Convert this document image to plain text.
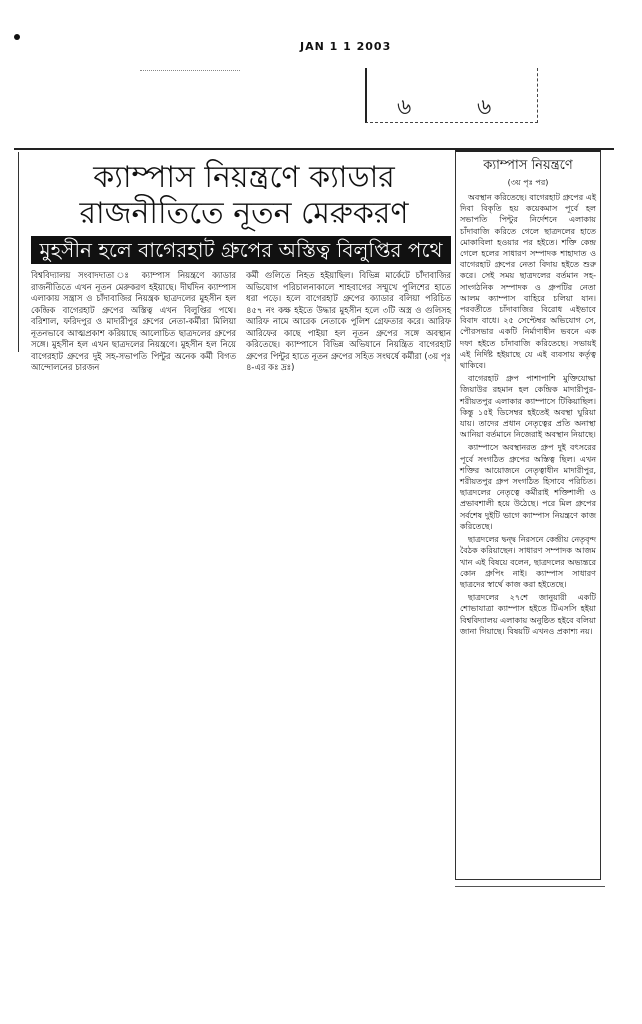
JAN 1 1 2003
৬	৬
ক্যাম্পাস নিয়ন্ত্রণে ক্যাডার রাজনীতিতে নূতন মেরুকরণ
মুহসীন হলে বাগেরহাট গ্রুপের অস্তিত্ব বিলুপ্তির পথে
বিশ্ববিদ্যালয় সংবাদদাতা ঃ ক্যাম্পাস নিয়ন্ত্রণে ক্যাডার রাজনীতিতে এখন নূতন মেরুকরণ হইয়াছে। দীর্ঘদিন ক্যাম্পাস এলাকায় সন্ত্রাস ও চাঁদাবাজির নিয়ন্ত্রক ছাত্রদলের মুহসীন হল কেন্দ্রিক বাগেরহাট গ্রুপের অস্তিত্ব এখন বিলুপ্তির পথে। বরিশাল, ফরিদপুর ও মাদারীপুর গ্রুপের নেতা-কর্মীরা মিলিয়া নূতনভাবে আত্মপ্রকাশ করিয়াছে আলোচিত ছাত্রদলের গ্রুপের সঙ্গে। মুহসীন হল এখন ছাত্রদলের নিয়ন্ত্রণে। মুহসীন হল নিয়ে বাগেরহাট গ্রুপের দুই সহ-সভাপতি পিন্টুর অনেক কর্মী বিগত আন্দোলনের চারজন
কর্মী গুলিতে নিহত হইয়াছিল। বিভিন্ন মার্কেটে চাঁদাবাজির অভিযোগ পরিচালনাকালে শাহবাগের সম্মুখে পুলিশের হাতে ধরা পড়ে। হলে বাগেরহাট গ্রুপের ক্যাডার বলিয়া পরিচিত ৪৫৭ নং কক্ষ হইতে উদ্ধার মুহসীন হলে ৩টি অস্ত্র ও গুলিসহ আরিফ নামে আরেক নেতাকে পুলিশ গ্রেফতার করে। আরিফ আরিফের কাছে পাইয়া হল নূতন গ্রুপের সঙ্গে অবস্থান করিতেছে। ক্যাম্পাসে বিভিন্ন অভিযানে নিয়ন্ত্রিত বাগেরহাট গ্রুপের পিন্টুর হাতে নূতন গ্রুপের সহিত সংঘর্ষে কর্মীরা (৩য় পৃঃ ৪-এর কঃ দ্রঃ)
ক্যাম্পাস নিয়ন্ত্রণে
(৩য় পৃঃ পর)

অবস্থান করিতেছে। বাগেরহাট গ্রুপের এই দিবা বিকৃতি হয় কয়েকমাস পূর্বে হল সভাপতি পিন্টুর নির্দেশনে এলাকায় চাঁদাবাজি করিতে গেলে ছাত্রদলের হাতে মোকাবিলা হওয়ার পর হইতে। শক্তি কেন্দ্র গেলে হলের সাধারণ সম্পাদক শাহাদাত ও বাগেরহাট গ্রুপের নেতা বিদায় হইতে শুরু করে। সেই সময় ছাত্রদলের বর্তমান সহ-সাংগঠনিক সম্পাদক ও গ্রুপটির নেতা আলম ক্যাম্পাস বাহিরে চলিয়া যান। পরবর্তীতে চাঁদাবাজির বিরোধ এইভাবে বিবাদ বাধে। ২৫ সেপ্টেম্বর অভিযোগ সে, পৌরসভার একটি নির্মাণাধীন ভবনে এক দফা হইতে চাঁদাবাজি করিতেছে। সভায়ই এই নির্দিষ্ট হইয়াছে যে এই ব্যবসায় কর্তৃত্ব থাকিবে।

বাগেরহাট গ্রুপ পাশাপাশি মুক্তিযোদ্ধা জিয়াউর রহমান হল কেন্দ্রিক মাদারীপুর-শরীয়তপুর এলাকার ক্যাম্পাসে টিকিয়াছিল। কিন্তু ১৫ই ডিসেম্বর হইতেই অবস্থা ঘুরিয়া যায়। তাদের প্রধান নেতৃত্বের প্রতি অনাস্থা আনিয়া বর্তমানে নিজেরাই অবস্থান নিয়াছে।

ক্যাম্পাসে অবস্থানরত গ্রুপ দুই বৎসরের পূর্বে সংগঠিত গ্রুপের অস্তিত্ব ছিল। এখন শক্তির আয়োজনে নেতৃত্বাধীন মাদারীপুর, শরীয়তপুর গ্রুপ সংগঠিত হিসাবে পরিচিত। ছাত্রদলের নেতৃত্বে কর্মীরাই শক্তিশালী ও প্রভাবশালী হয়ে উঠেছে। পরে মিল গ্রুপের সর্বশেষ দুইটি ভাগে ক্যাম্পাস নিয়ন্ত্রণে কাজ করিতেছে।

ছাত্রদলের দ্বন্দ্ব নিরসনে কেন্দ্রীয় নেতৃবৃন্দ বৈঠক করিয়াছেন। সাধারণ সম্পাদক আজম খান এই বিষয়ে বলেন, ছাত্রদলের অভ্যন্তরে কোন গ্রুপিং নাই। ক্যাম্পাস সাধারণ ছাত্রদের স্বার্থে কাজ করা হইতেছে।

ছাত্রদলের ২৭শে জানুয়ারী একটি শোভাযাত্রা ক্যাম্পাস হইতে টিএসসি হইয়া বিশ্ববিদ্যালয় এলাকায় অনুষ্ঠিত হইবে বলিয়া জানা গিয়াছে। বিষয়টি এখনও প্রকাশ্য নয়।
